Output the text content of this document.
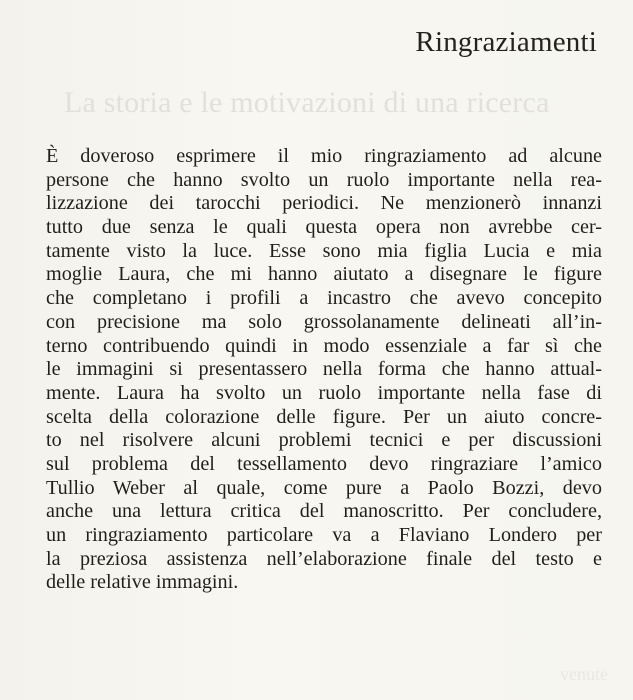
La storia e le motivazioni di una ricerca
venute
Ringraziamenti
È doveroso esprimere il mio ringraziamento ad alcune
persone che hanno svolto un ruolo importante nella rea-
lizzazione dei tarocchi periodici. Ne menzionerò innanzi
tutto due senza le quali questa opera non avrebbe cer-
tamente visto la luce. Esse sono mia figlia Lucia e mia
moglie Laura, che mi hanno aiutato a disegnare le figure
che completano i profili a incastro che avevo concepito
con precisione ma solo grossolanamente delineati all’in-
terno contribuendo quindi in modo essenziale a far sì che
le immagini si presentassero nella forma che hanno attual-
mente. Laura ha svolto un ruolo importante nella fase di
scelta della colorazione delle figure. Per un aiuto concre-
to nel risolvere alcuni problemi tecnici e per discussioni
sul problema del tessellamento devo ringraziare l’amico
Tullio Weber al quale, come pure a Paolo Bozzi, devo
anche una lettura critica del manoscritto. Per concludere,
un ringraziamento particolare va a Flaviano Londero per
la preziosa assistenza nell’elaborazione finale del testo e
delle relative immagini.
